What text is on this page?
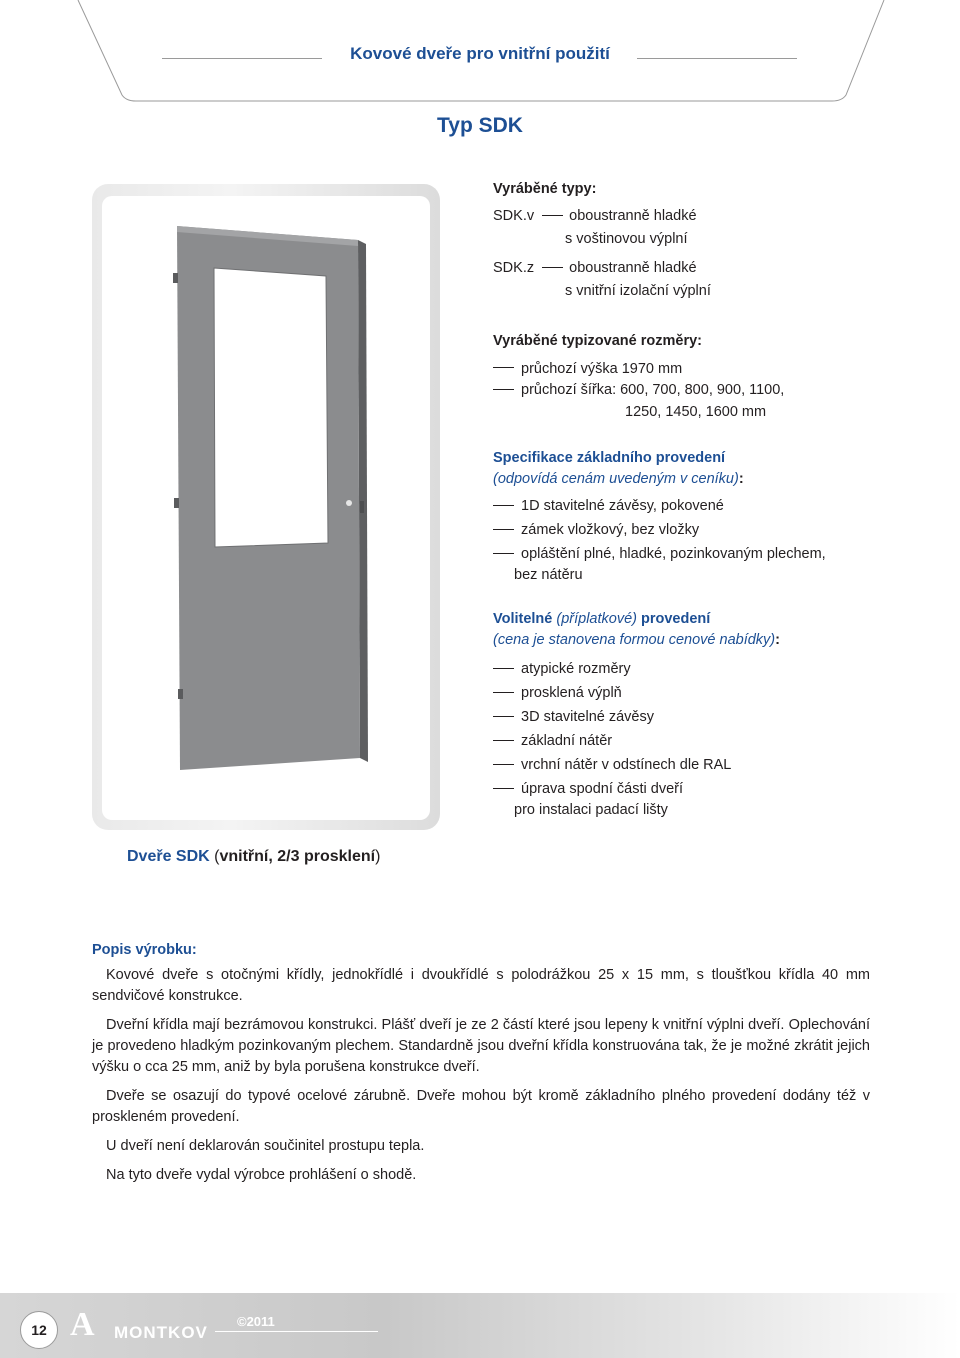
Kovové dveře pro vnitřní použití
Typ SDK
Dveře SDK (vnitřní, 2/3 prosklení)
Vyráběné typy:
SDK.v oboustranně hladké
s voštinovou výplní
SDK.z oboustranně hladké
s vnitřní izolační výplní
Vyráběné typizované rozměry:
průchozí výška 1970 mm
průchozí šířka: 600, 700, 800, 900, 1100,
1250, 1450, 1600 mm
Specifikace základního provedení
(odpovídá cenám uvedeným v ceníku):
1D stavitelné závěsy, pokovené
zámek vložkový, bez vložky
opláštění plné, hladké, pozinkovaným plechem,
bez nátěru
Volitelné (příplatkové) provedení
(cena je stanovena formou cenové nabídky):
atypické rozměry
prosklená výplň
3D stavitelné závěsy
základní nátěr
vrchní nátěr v odstínech dle RAL
úprava spodní části dveří
pro instalaci padací lišty
Popis výrobku:

Kovové dveře s otočnými křídly, jednokřídlé i dvoukřídlé s polodrážkou 25 x 15 mm, s tloušťkou křídla 40 mm sendvičové konstrukce.

Dveřní křídla mají bezrámovou konstrukci. Plášť dveří je ze 2 částí které jsou lepeny k vnitřní výplni dveří. Oplechování je provedeno hladkým pozinkovaným plechem. Standardně jsou dveřní křídla konstruována tak, že je možné zkrátit jejich výšku o cca 25 mm, aniž by byla porušena konstrukce dveří.

Dveře se osazují do typové ocelové zárubně. Dveře mohou být kromě základního plného provedení dodány též v proskleném provedení.

U dveří není deklarován součinitel prostupu tepla.

Na tyto dveře vydal výrobce prohlášení o shodě.

12 A MONTKOV
©2011
